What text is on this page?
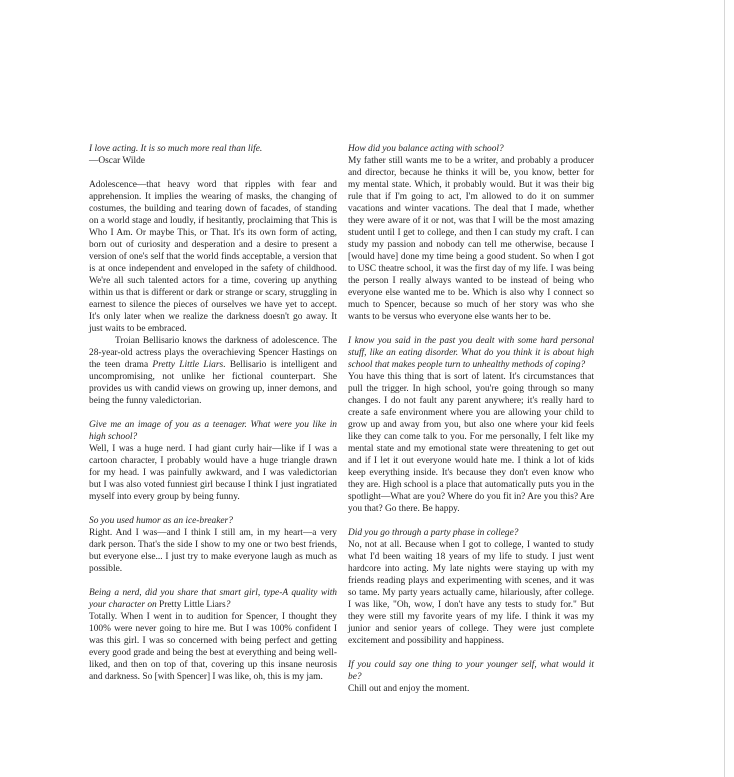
I love acting. It is so much more real than life.

—Oscar Wilde

Adolescence—that heavy word that ripples with fear and apprehension. It implies the wearing of masks, the changing of costumes, the building and tearing down of facades, of standing on a world stage and loudly, if hesitantly, proclaiming that This is Who I Am. Or maybe This, or That. It's its own form of acting, born out of curiosity and desperation and a desire to present a version of one's self that the world finds acceptable, a version that is at once independent and enveloped in the safety of childhood. We're all such talented actors for a time, covering up anything within us that is different or dark or strange or scary, struggling in earnest to silence the pieces of ourselves we have yet to accept. It's only later when we realize the darkness doesn't go away. It just waits to be embraced.

Troian Bellisario knows the darkness of adolescence. The 28-year-old actress plays the overachieving Spencer Hastings on the teen drama Pretty Little Liars. Bellisario is intelligent and uncompromising, not unlike her fictional counterpart. She provides us with candid views on growing up, inner demons, and being the funny valedictorian.

Give me an image of you as a teenager. What were you like in high school?

Well, I was a huge nerd. I had giant curly hair—like if I was a cartoon character, I probably would have a huge triangle drawn for my head. I was painfully awkward, and I was valedictorian but I was also voted funniest girl because I think I just ingratiated myself into every group by being funny.

So you used humor as an ice-breaker?

Right. And I was—and I think I still am, in my heart—a very dark person. That's the side I show to my one or two best friends, but everyone else... I just try to make everyone laugh as much as possible.

Being a nerd, did you share that smart girl, type-A quality with your character on Pretty Little Liars?

Totally. When I went in to audition for Spencer, I thought they 100% were never going to hire me. But I was 100% confident I was this girl. I was so concerned with being perfect and getting every good grade and being the best at everything and being well-liked, and then on top of that, covering up this insane neurosis and darkness. So [with Spencer] I was like, oh, this is my jam.

How did you balance acting with school?

My father still wants me to be a writer, and probably a producer and director, because he thinks it will be, you know, better for my mental state. Which, it probably would. But it was their big rule that if I'm going to act, I'm allowed to do it on summer vacations and winter vacations. The deal that I made, whether they were aware of it or not, was that I will be the most amazing student until I get to college, and then I can study my craft. I can study my passion and nobody can tell me otherwise, because I [would have] done my time being a good student. So when I got to USC theatre school, it was the first day of my life. I was being the person I really always wanted to be instead of being who everyone else wanted me to be. Which is also why I connect so much to Spencer, because so much of her story was who she wants to be versus who everyone else wants her to be.

I know you said in the past you dealt with some hard personal stuff, like an eating disorder. What do you think it is about high school that makes people turn to unhealthy methods of coping?

You have this thing that is sort of latent. It's circumstances that pull the trigger. In high school, you're going through so many changes. I do not fault any parent anywhere; it's really hard to create a safe environment where you are allowing your child to grow up and away from you, but also one where your kid feels like they can come talk to you. For me personally, I felt like my mental state and my emotional state were threatening to get out and if I let it out everyone would hate me. I think a lot of kids keep everything inside. It's because they don't even know who they are. High school is a place that automatically puts you in the spotlight—What are you? Where do you fit in? Are you this? Are you that? Go there. Be happy.

Did you go through a party phase in college?

No, not at all. Because when I got to college, I wanted to study what I'd been waiting 18 years of my life to study. I just went hardcore into acting. My late nights were staying up with my friends reading plays and experimenting with scenes, and it was so tame. My party years actually came, hilariously, after college. I was like, "Oh, wow, I don't have any tests to study for." But they were still my favorite years of my life. I think it was my junior and senior years of college. They were just complete excitement and possibility and happiness.

If you could say one thing to your younger self, what would it be?

Chill out and enjoy the moment.
